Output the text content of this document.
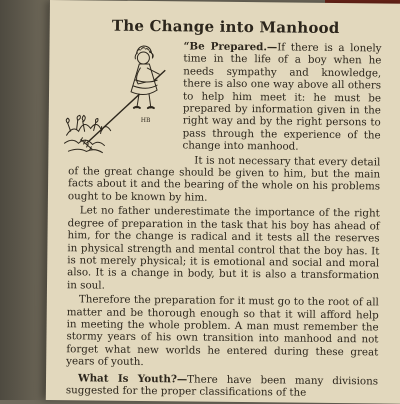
The Change into Manhood
HB

“Be Prepared.—If there is a lonely time in the life of a boy when he needs sympathy and knowledge, there is also one way above all others to help him meet it: he must be prepared by information given in the right way and by the right persons to pass through the experience of the change into manhood.

It is not necessary that every detail of the great change should be given to him, but the main facts about it and the bearing of the whole on his problems ought to be known by him.

Let no father underestimate the importance of the right degree of preparation in the task that his boy has ahead of him, for the change is radical and it tests all the reserves in physical strength and mental control that the boy has. It is not merely physical; it is emotional and social and moral also. It is a change in body, but it is also a transformation in soul.

Therefore the preparation for it must go to the root of all matter and be thorough enough so that it will afford help in meeting the whole problem. A man must remember the stormy years of his own transition into manhood and not forget what new worlds he entered during these great years of youth.

What Is Youth?—There have been many divisions suggested for the proper classifications of the
